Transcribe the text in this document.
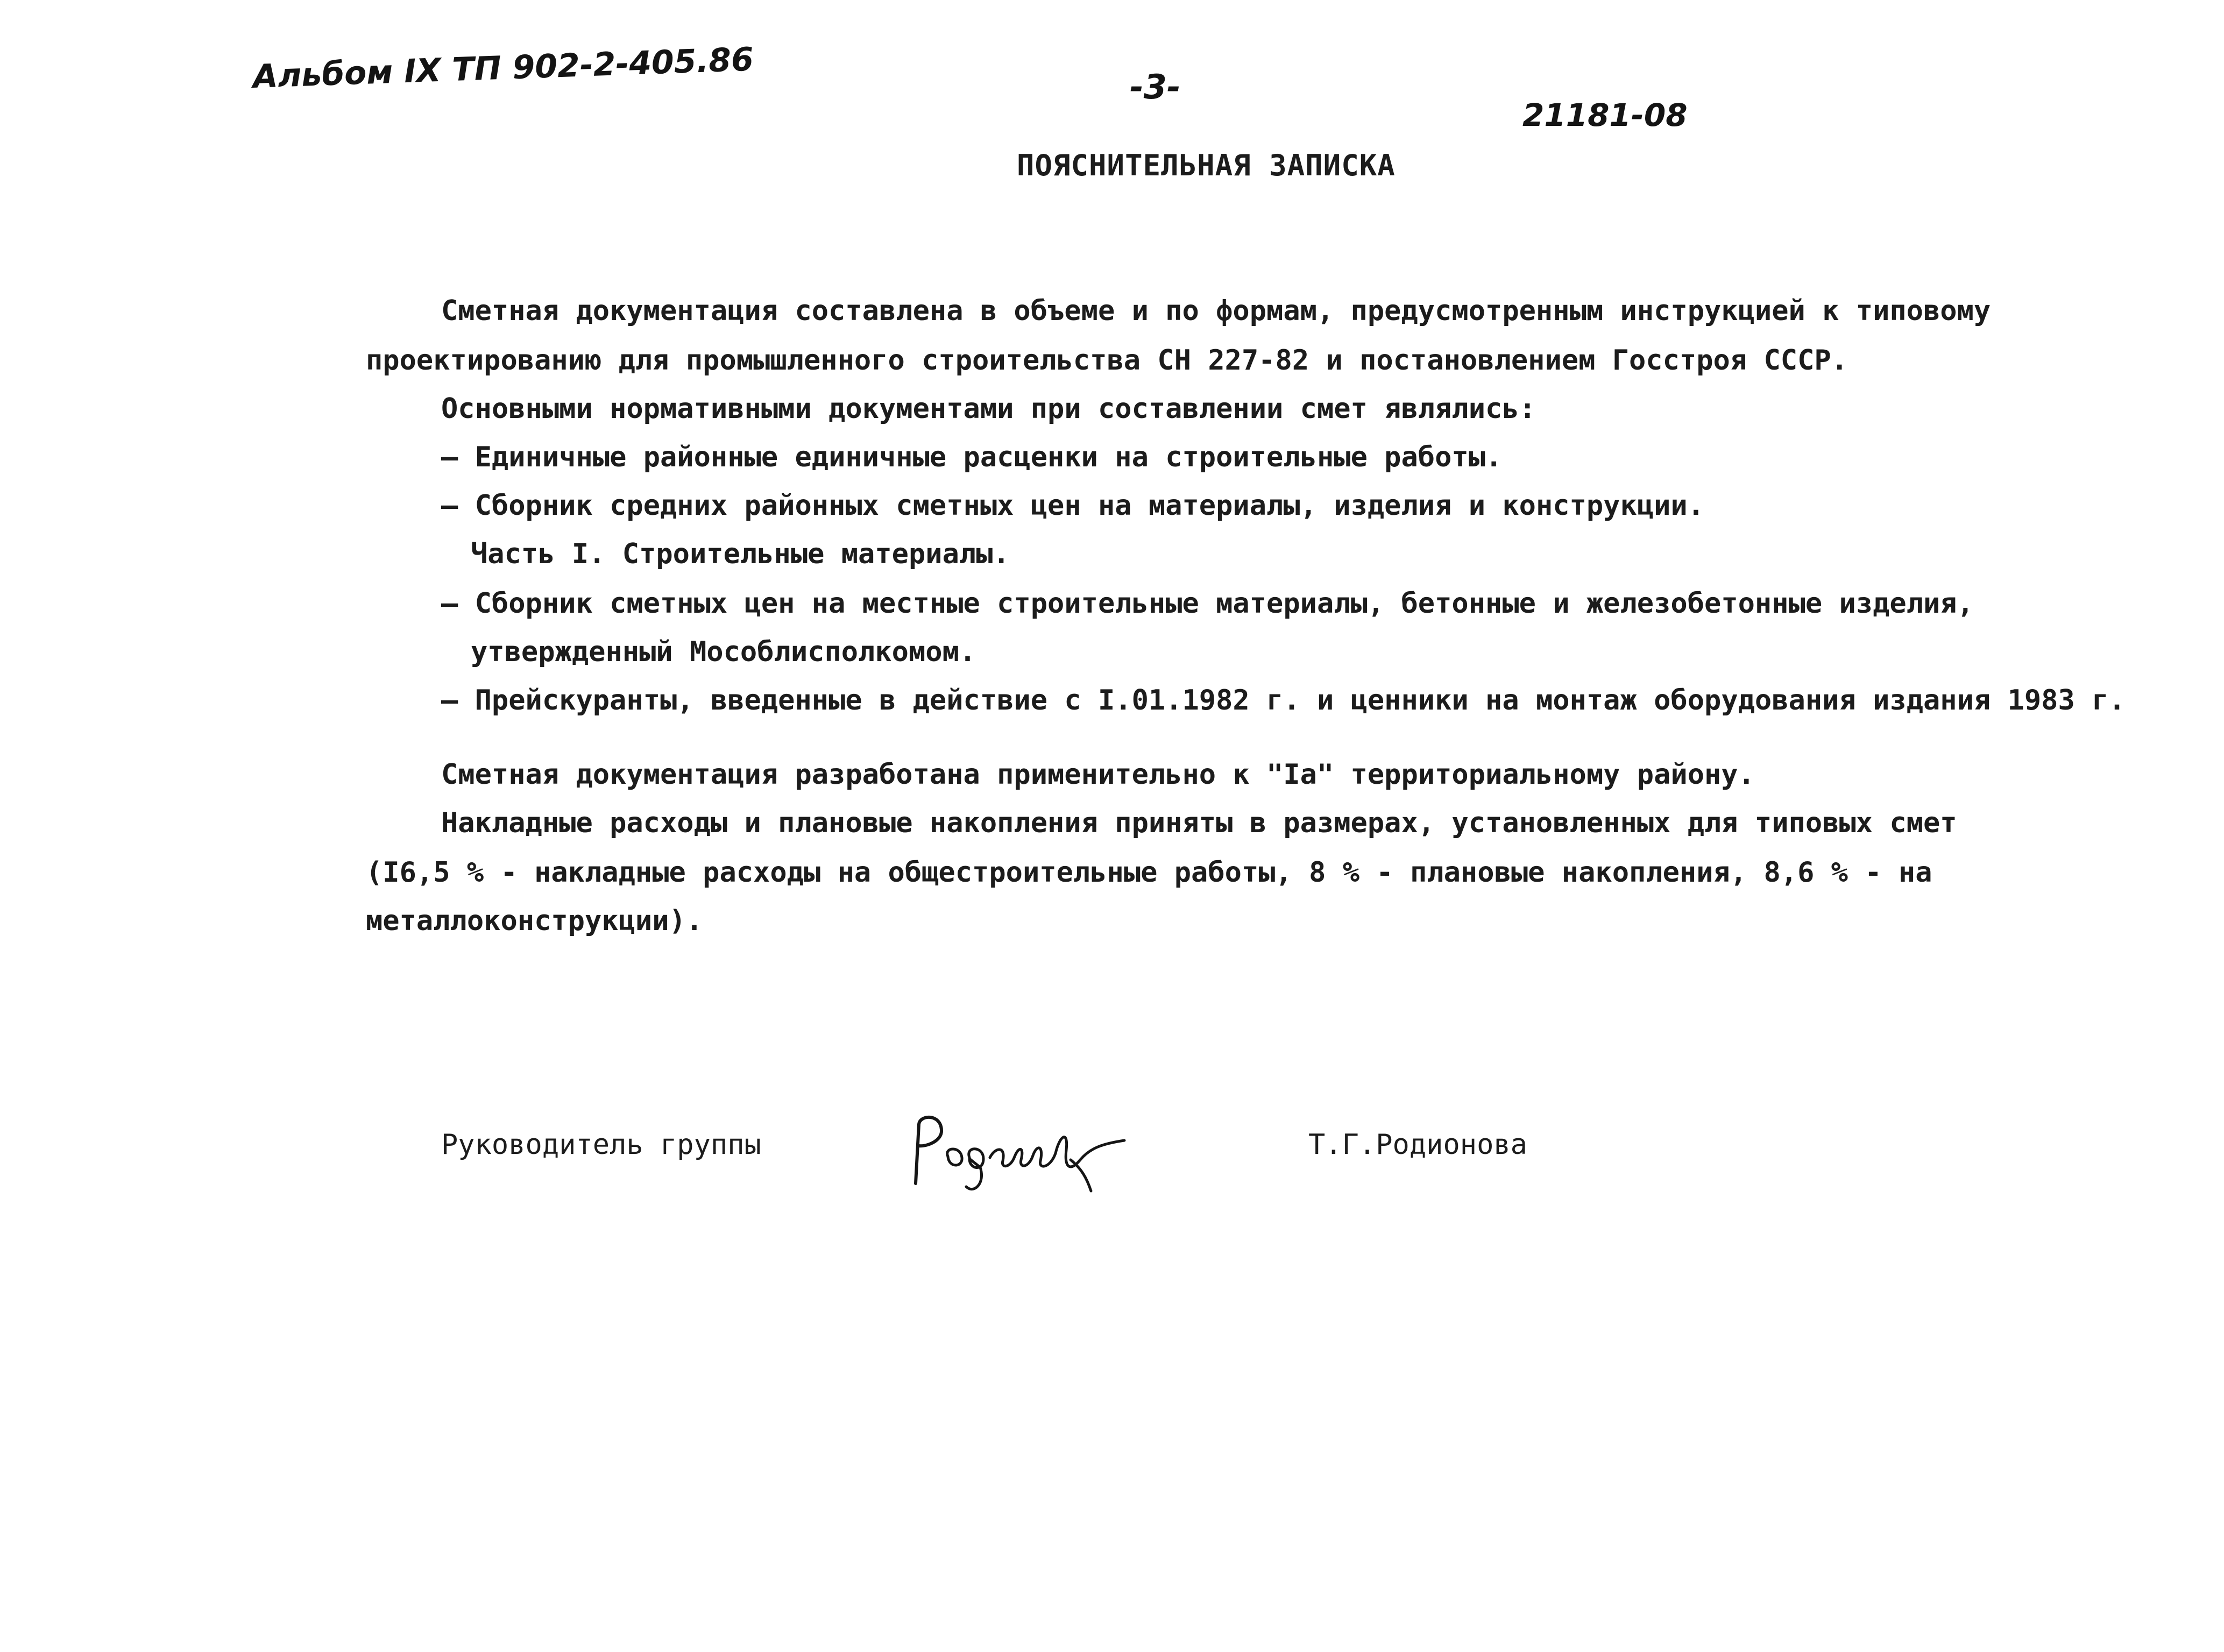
Альбом IX ТП 902-2-405.86	-3-
21181-08
ПОЯСНИТЕЛЬНАЯ ЗАПИСКА
Сметная документация составлена в объеме и по формам, предусмотренным инструкцией к типовому
проектированию для промышленного строительства СН 227-82 и постановлением Госстроя СССР.
Основными нормативными документами при составлении смет являлись:
– Единичные районные единичные расценки на строительные работы.
– Сборник средних районных сметных цен на материалы, изделия и конструкции.
Часть I. Строительные материалы.
– Сборник сметных цен на местные строительные материалы, бетонные и железобетонные изделия,
утвержденный Мособлисполкомом.
– Прейскуранты, введенные в действие с I.01.1982 г. и ценники на монтаж оборудования издания 1983 г.
Сметная документация разработана применительно к "Iа" территориальному району.
Накладные расходы и плановые накопления приняты в размерах, установленных для типовых смет
(I6,5 % - накладные расходы на общестроительные работы, 8 % - плановые накопления, 8,6 % - на
металлоконструкции).
Руководитель группы	Т.Г.Родионова
